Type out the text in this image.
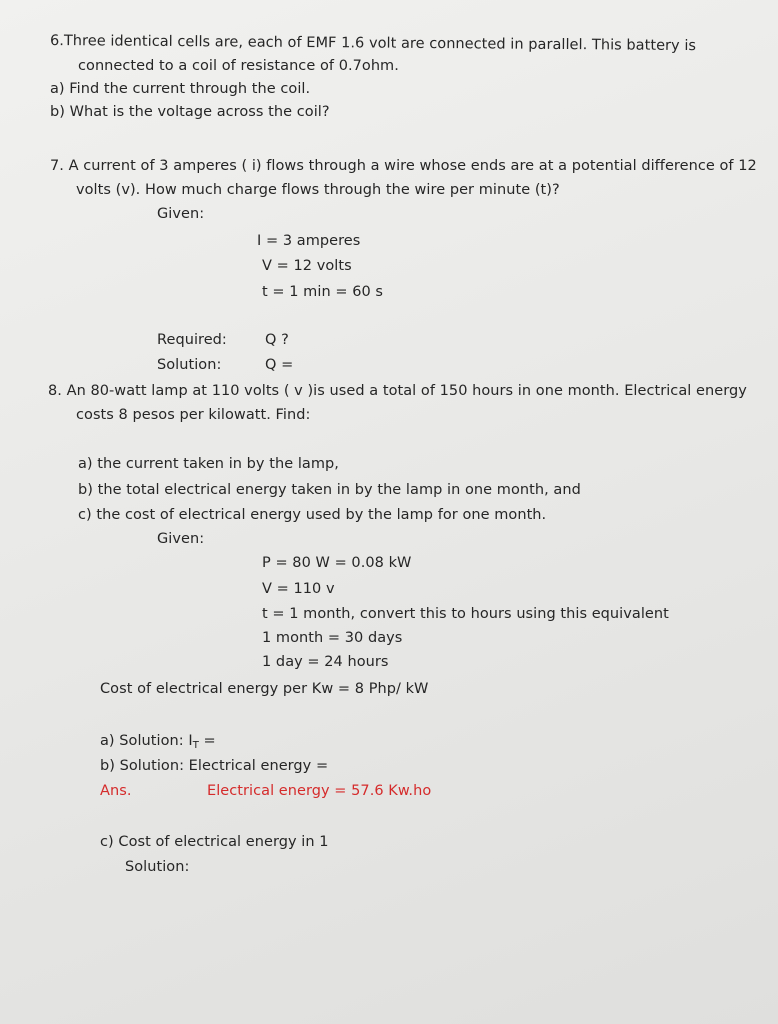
6.Three identical cells are, each of EMF 1.6 volt are connected in parallel. This battery is
connected to a coil of resistance of 0.7ohm.
a) Find the current through the coil.
b) What is the voltage across the coil?
7. A current of 3 amperes ( i) flows through a wire whose ends are at a potential difference of 12
volts (v). How much charge flows through the wire per minute (t)?
Given:
I = 3 amperes
V = 12 volts
t = 1 min = 60 s
Required:	Q ?
Solution:	Q =
8. An 80-watt lamp at 110 volts ( v )is used a total of 150 hours in one month. Electrical energy
costs 8 pesos per kilowatt. Find:
a) the current taken in by the lamp,
b) the total electrical energy taken in by the lamp in one month, and
c) the cost of electrical energy used by the lamp for one month.
Given:
P = 80 W = 0.08 kW
V = 110 v
t = 1 month, convert this to hours using this equivalent
1 month = 30 days
1 day = 24 hours
Cost of electrical energy per Kw = 8 Php/ kW
a) Solution: $I_T$ =
b) Solution: Electrical energy =
Ans.	Electrical energy = 57.6 Kw.ho
c) Cost of electrical energy in 1
Solution:
